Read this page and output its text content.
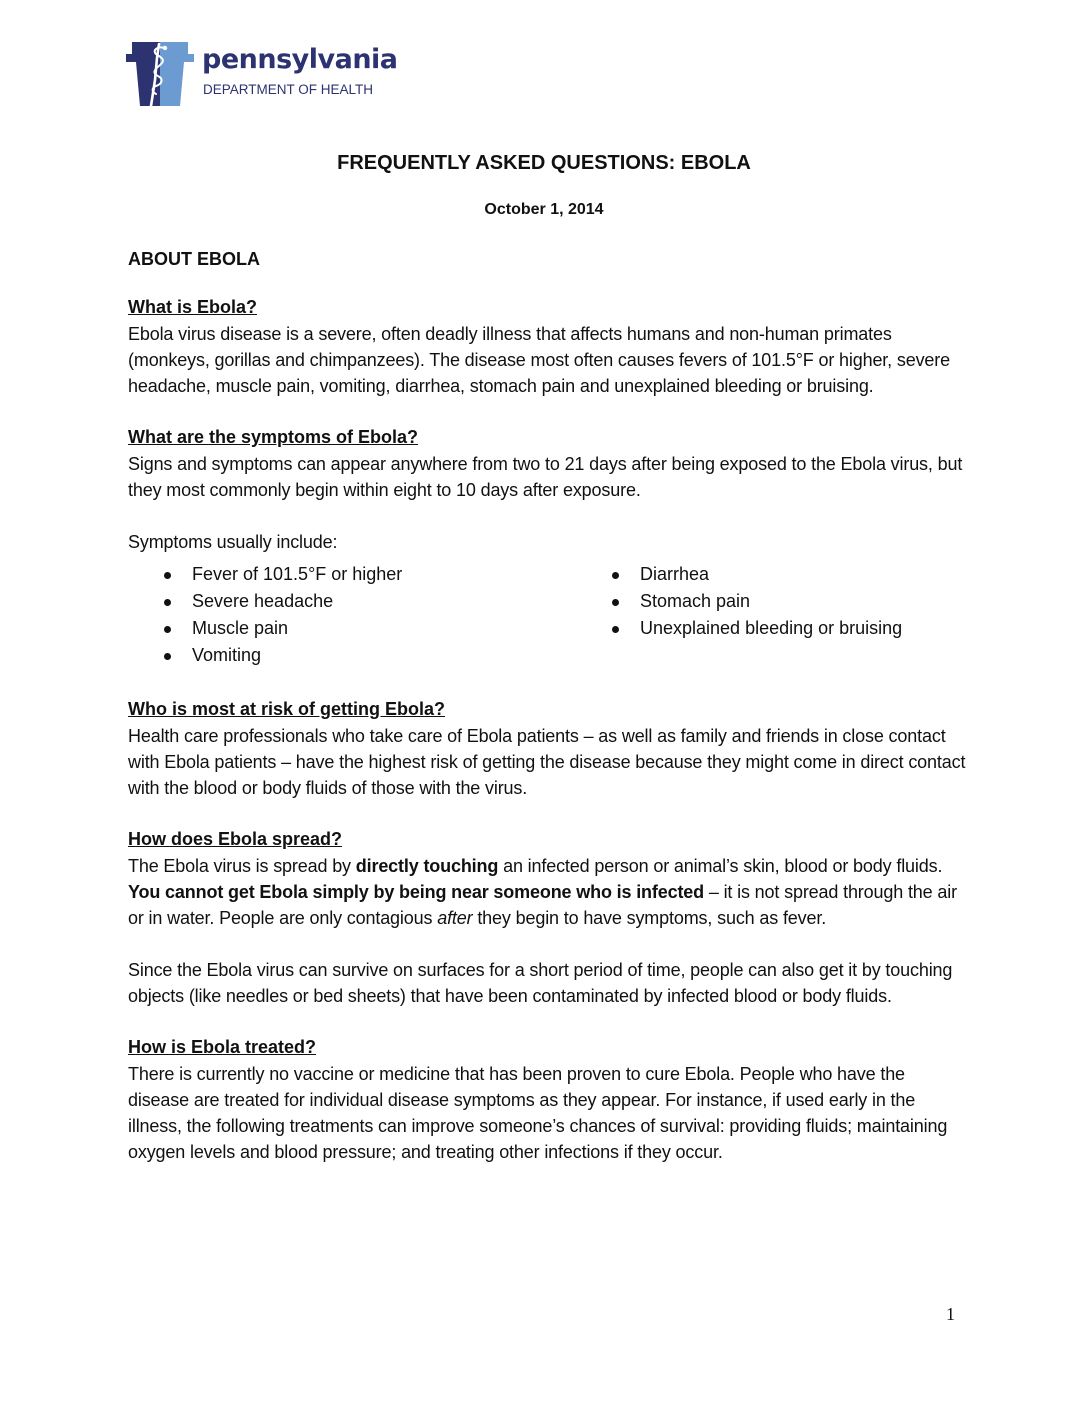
pennsylvania
DEPARTMENT OF HEALTH
FREQUENTLY ASKED QUESTIONS: EBOLA
October 1, 2014
ABOUT EBOLA
What is Ebola?

Ebola virus disease is a severe, often deadly illness that affects humans and non-human primates (monkeys, gorillas and chimpanzees). The disease most often causes fevers of 101.5°F or higher, severe headache, muscle pain, vomiting, diarrhea, stomach pain and unexplained bleeding or bruising.

What are the symptoms of Ebola?

Signs and symptoms can appear anywhere from two to 21 days after being exposed to the Ebola virus, but they most commonly begin within eight to 10 days after exposure.

Symptoms usually include:

Fever of 101.5°F or higher
Severe headache
Muscle pain
Vomiting
Diarrhea
Stomach pain
Unexplained bleeding or bruising
Who is most at risk of getting Ebola?

Health care professionals who take care of Ebola patients – as well as family and friends in close contact with Ebola patients – have the highest risk of getting the disease because they might come in direct contact with the blood or body fluids of those with the virus.

How does Ebola spread?

The Ebola virus is spread by directly touching an infected person or animal’s skin, blood or body fluids. You cannot get Ebola simply by being near someone who is infected – it is not spread through the air or in water. People are only contagious after they begin to have symptoms, such as fever.

Since the Ebola virus can survive on surfaces for a short period of time, people can also get it by touching objects (like needles or bed sheets) that have been contaminated by infected blood or body fluids.

How is Ebola treated?

There is currently no vaccine or medicine that has been proven to cure Ebola. People who have the disease are treated for individual disease symptoms as they appear. For instance, if used early in the illness, the following treatments can improve someone’s chances of survival: providing fluids; maintaining oxygen levels and blood pressure; and treating other infections if they occur.

1
